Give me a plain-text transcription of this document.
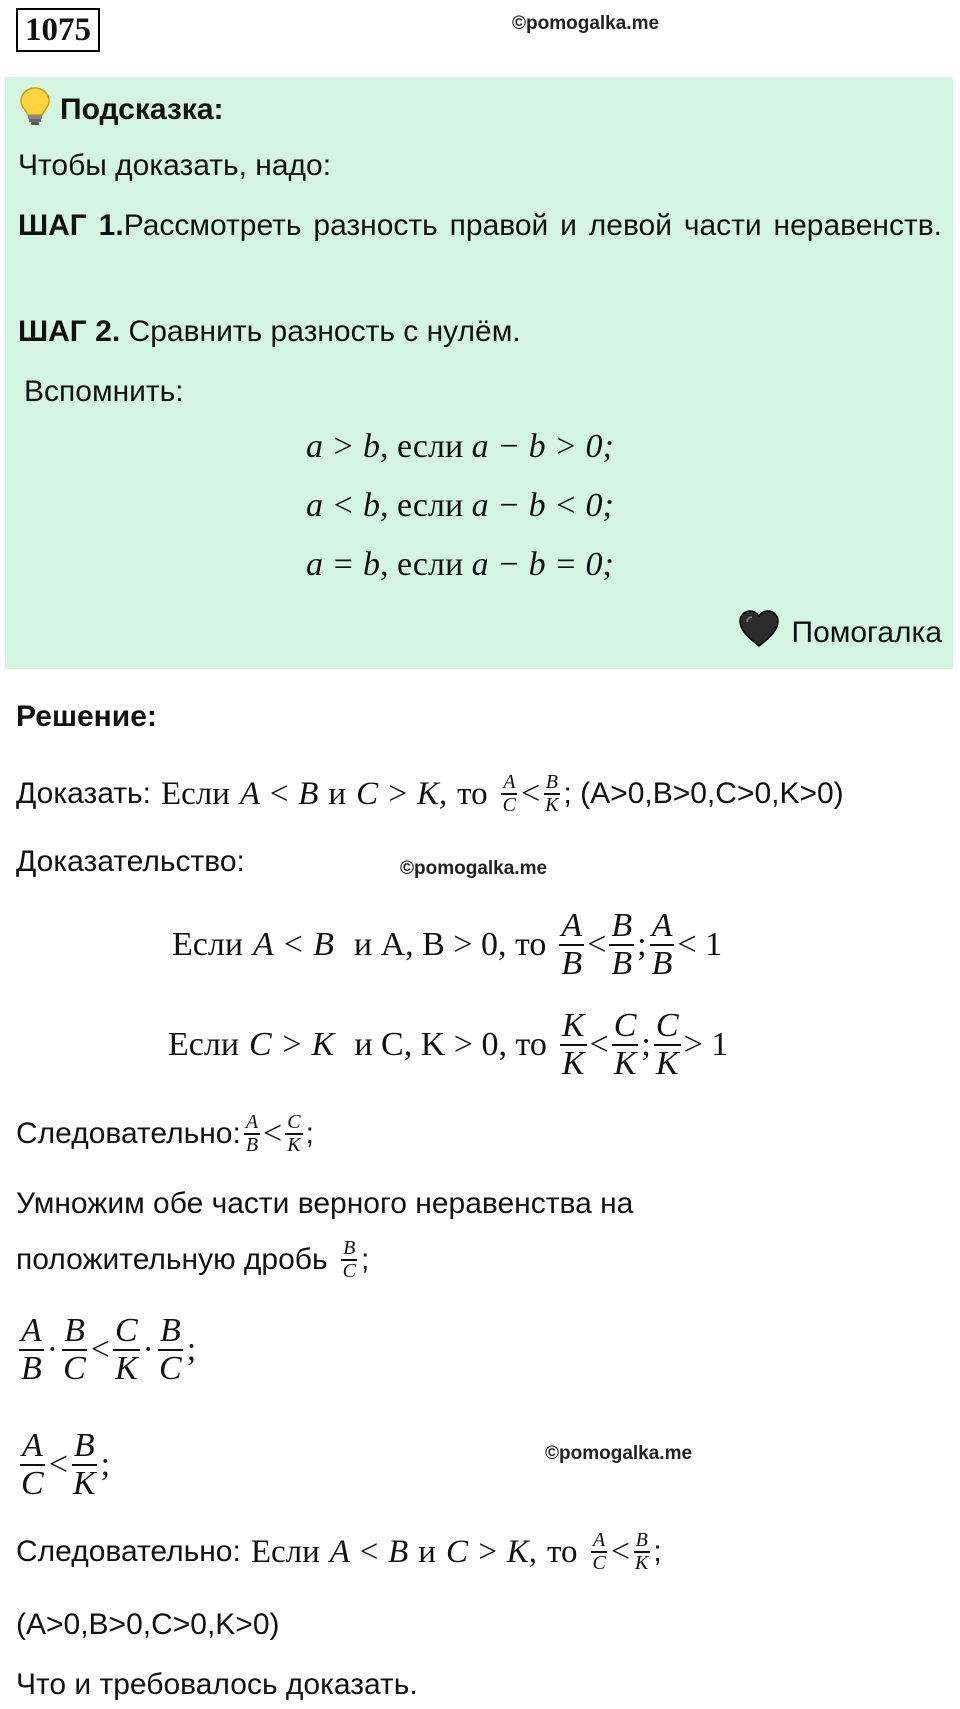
1075	©pomogalka.me
Подсказка:
Чтобы доказать, надо:
ШАГ 1.Рассмотреть разность правой и левой части неравенств.
ШАГ 2. Сравнить разность с нулём.
Вспомнить:
a > b, если a − b > 0;
a < b, если a − b < 0;
a = b, если a − b = 0;
Помогалка
Решение:
Доказать: Если A < B и C > K, то $\frac{A}{C} < \frac{B}{K}$ ; (A>0,B>0,C>0,K>0)
Доказательство:	©pomogalka.me
Если A < B и A, B > 0, то $\frac{A}{B} < \frac{B}{B}$ ; $\frac{A}{B} < 1$
Если C > K и C, K > 0, то $\frac{K}{K} < \frac{C}{K}$ ; $\frac{C}{K} > 1$
Следовательно: $\frac{A}{B} < \frac{C}{K}$ ;
Умножим обе части верного неравенства на
положительную дробь $\frac{B}{C}$ ;
$\frac{A}{B} \cdot \frac{B}{C} < \frac{C}{K} \cdot \frac{B}{C}$ ;
$\frac{A}{C} < \frac{B}{K}$ ;	©pomogalka.me
Следовательно: Если A < B и C > K, то $\frac{A}{C} < \frac{B}{K}$ ;
(A>0,B>0,C>0,K>0)
Что и требовалось доказать.
